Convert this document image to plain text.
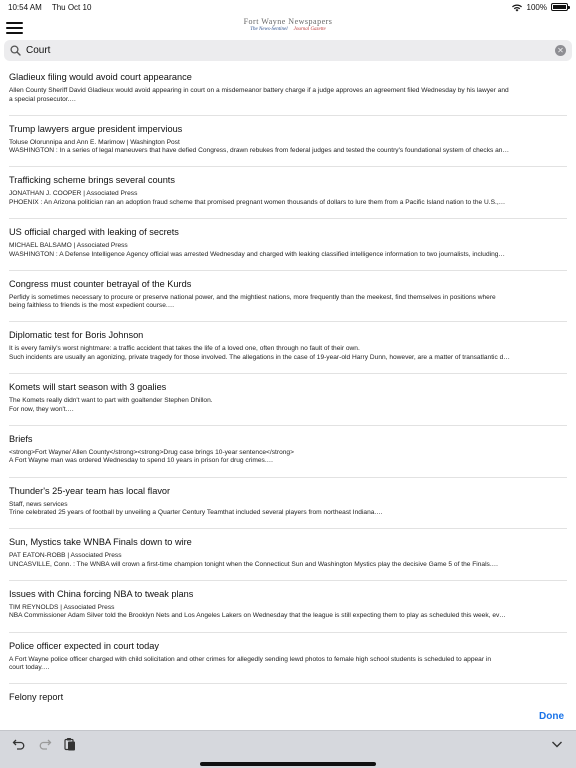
10:54 AM Thu Oct 10	100%
Fort Wayne Newspapers
The News-Sentinel Journal Gazette
Court
✕
Gladieux filing would avoid court appearance
Allen County Sheriff David Gladieux would avoid appearing in court on a misdemeanor battery charge if a judge approves an agreement filed Wednesday by his lawyer and
a special prosecutor.…
Trump lawyers argue president impervious
Toluse Olorunnipa and Ann E. Marimow | Washington Post
WASHINGTON : In a series of legal maneuvers that have defied Congress, drawn rebukes from federal judges and tested the country's foundational system of checks an…
Trafficking scheme brings several counts
JONATHAN J. COOPER | Associated Press
PHOENIX : An Arizona politician ran an adoption fraud scheme that promised pregnant women thousands of dollars to lure them from a Pacific Island nation to the U.S.,…
US official charged with leaking of secrets
MICHAEL BALSAMO | Associated Press
WASHINGTON : A Defense Intelligence Agency official was arrested Wednesday and charged with leaking classified intelligence information to two journalists, including…
Congress must counter betrayal of the Kurds
Perfidy is sometimes necessary to procure or preserve national power, and the mightiest nations, more frequently than the meekest, find themselves in positions where
being faithless to friends is the most expedient course.…
Diplomatic test for Boris Johnson
It is every family's worst nightmare: a traffic accident that takes the life of a loved one, often through no fault of their own.
Such incidents are usually an agonizing, private tragedy for those involved. The allegations in the case of 19-year-old Harry Dunn, however, are a matter of transatlantic d…
Komets will start season with 3 goalies
The Komets really didn't want to part with goaltender Stephen Dhillon.
For now, they won't.…
Briefs
<strong>Fort Wayne/ Allen County</strong><strong>Drug case brings 10-year sentence</strong>
A Fort Wayne man was ordered Wednesday to spend 10 years in prison for drug crimes.…
Thunder's 25-year team has local flavor
Staff, news services
Trine celebrated 25 years of football by unveiling a Quarter Century Teamthat included several players from northeast Indiana.…
Sun, Mystics take WNBA Finals down to wire
PAT EATON-ROBB | Associated Press
UNCASVILLE, Conn. : The WNBA will crown a first-time champion tonight when the Connecticut Sun and Washington Mystics play the decisive Game 5 of the Finals.…
Issues with China forcing NBA to tweak plans
TIM REYNOLDS | Associated Press
NBA Commissioner Adam Silver told the Brooklyn Nets and Los Angeles Lakers on Wednesday that the league is still expecting them to play as scheduled this week, ev…
Police officer expected in court today
A Fort Wayne police officer charged with child solicitation and other crimes for allegedly sending lewd photos to female high school students is scheduled to appear in
court today.…
Felony report
Done
